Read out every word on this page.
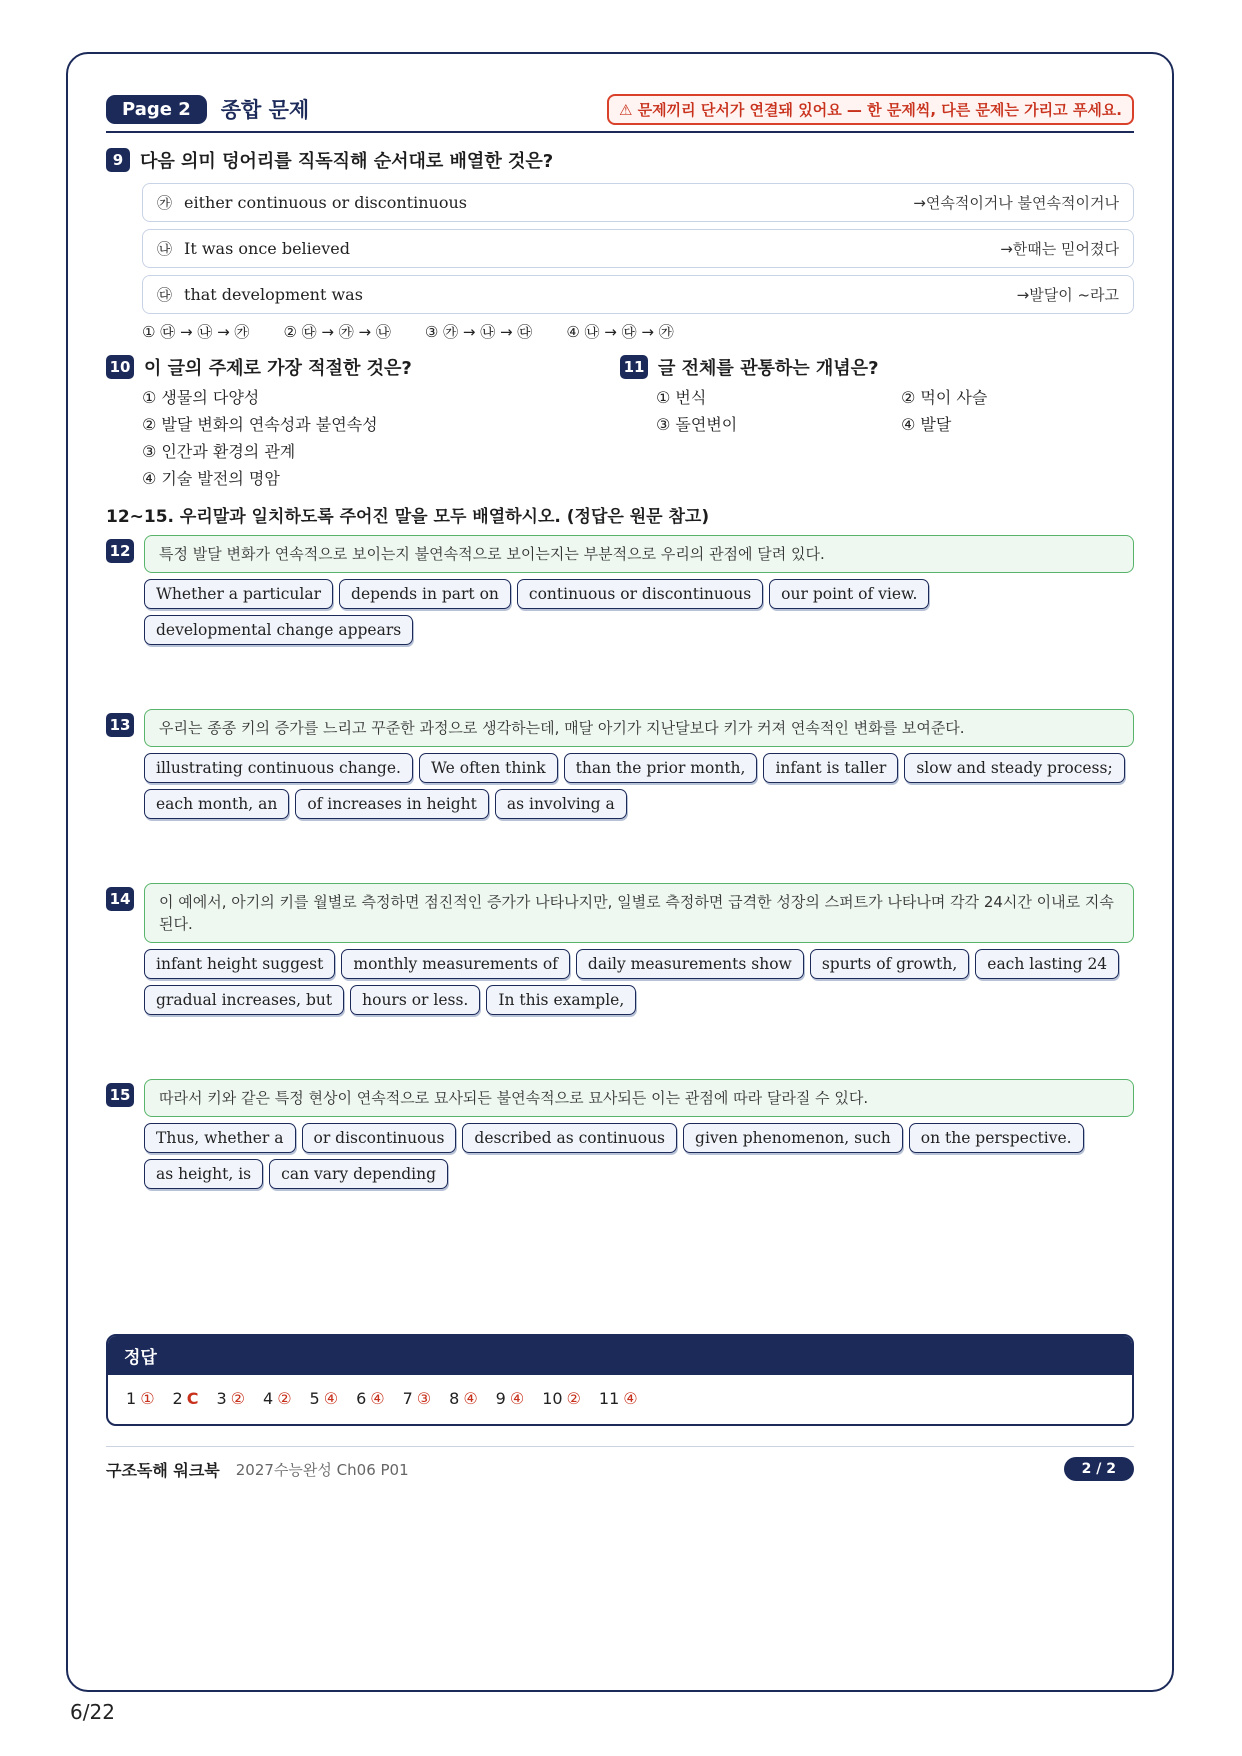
Page 2	종합 문제	⚠ 문제끼리 단서가 연결돼 있어요 — 한 문제씩, 다른 문제는 가리고 푸세요.
9 다음 의미 덩어리를 직독직해 순서대로 배열한 것은?
㉮ either continuous or discontinuous	→연속적이거나 불연속적이거나
㉯ It was once believed	→한때는 믿어졌다
㉰ that development was	→발달이 ~라고
① ㉰ → ㉯ → ㉮ ② ㉰ → ㉮ → ㉯ ③ ㉮ → ㉯ → ㉰ ④ ㉯ → ㉰ → ㉮
10 이 글의 주제로 가장 적절한 것은?
① 생물의 다양성
② 발달 변화의 연속성과 불연속성
③ 인간과 환경의 관계
④ 기술 발전의 명암
11 글 전체를 관통하는 개념은?
① 번식	② 먹이 사슬
③ 돌연변이	④ 발달
12~15. 우리말과 일치하도록 주어진 말을 모두 배열하시오. (정답은 원문 참고)
12	특정 발달 변화가 연속적으로 보이는지 불연속적으로 보이는지는 부분적으로 우리의 관점에 달려 있다.
Whether a particular	depends in part on	continuous or discontinuous	our point of view.
developmental change appears
13	우리는 종종 키의 증가를 느리고 꾸준한 과정으로 생각하는데, 매달 아기가 지난달보다 키가 커져 연속적인 변화를 보여준다.
illustrating continuous change.	We often think	than the prior month,	infant is taller	slow and steady process;
each month, an	of increases in height	as involving a
14	이 예에서, 아기의 키를 월별로 측정하면 점진적인 증가가 나타나지만, 일별로 측정하면 급격한 성장의 스퍼트가 나타나며 각각 24시간 이내로 지속된다.
infant height suggest	monthly measurements of	daily measurements show	spurts of growth,	each lasting 24
gradual increases, but	hours or less.	In this example,
15	따라서 키와 같은 특정 현상이 연속적으로 묘사되든 불연속적으로 묘사되든 이는 관점에 따라 달라질 수 있다.
Thus, whether a	or discontinuous	described as continuous	given phenomenon, such	on the perspective.
as height, is	can vary depending
정답
1 ① 2 C 3 ② 4 ② 5 ④ 6 ④ 7 ③ 8 ④ 9 ④ 10 ② 11 ④
구조독해 워크북 2027수능완성 Ch06 P01	2 / 2
6/22
